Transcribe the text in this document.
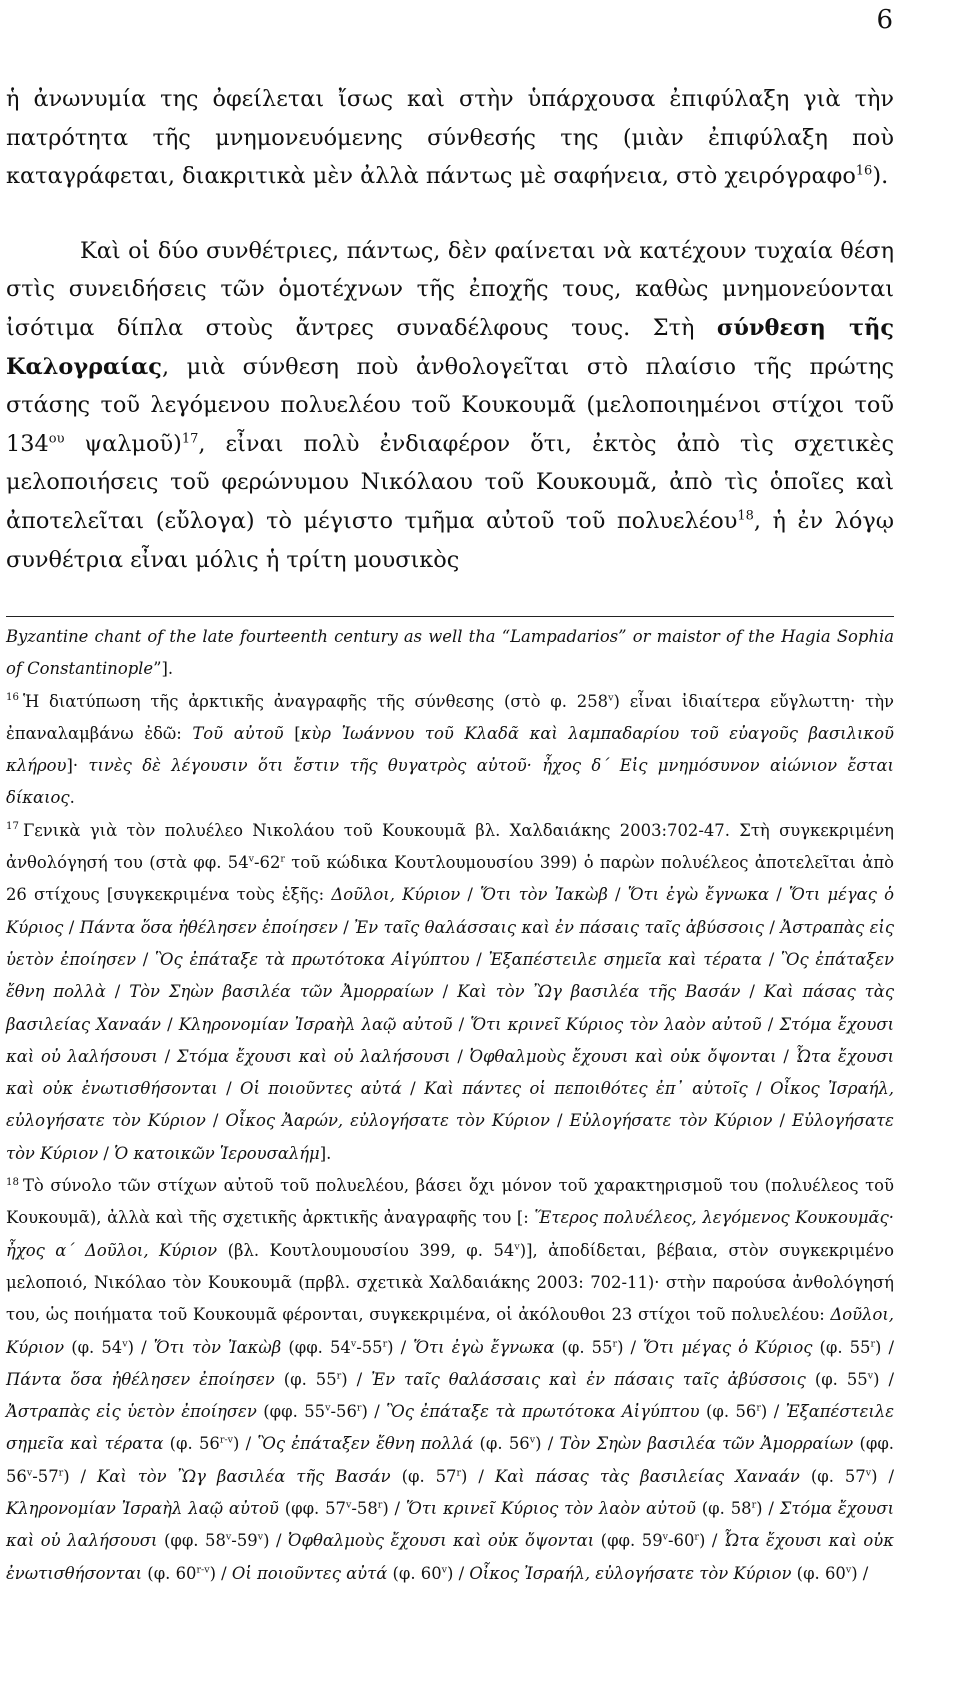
6

ἡ ἀνωνυμία της ὀφείλεται ἴσως καὶ στὴν ὑπάρχουσα ἐπιφύλαξη γιὰ τὴν πατρότητα τῆς μνημονευόμενης σύνθεσής της (μιὰν ἐπιφύλαξη ποὺ καταγράφεται, διακριτικὰ μὲν ἀλλὰ πάντως μὲ σαφήνεια, στὸ χειρόγραφο$^{16}$).

Καὶ οἱ δύο συνθέτριες, πάντως, δὲν φαίνεται νὰ κατέχουν τυχαία θέση στὶς συνειδήσεις τῶν ὁμοτέχνων τῆς ἐποχῆς τους, καθὼς μνημονεύονται ἰσότιμα δίπλα στοὺς ἄντρες συναδέλφους τους. Στὴ σύνθεση τῆς Καλογραίας, μιὰ σύνθεση ποὺ ἀνθολογεῖται στὸ πλαίσιο τῆς πρώτης στάσης τοῦ λεγόμενου πολυελέου τοῦ Κουκουμᾶ (μελοποιημένοι στίχοι τοῦ $134^{o\upsilon}$ ψαλμοῦ)$^{17}$, εἶναι πολὺ ἐνδιαφέρον ὅτι, ἐκτὸς ἀπὸ τὶς σχετικὲς μελοποιήσεις τοῦ φερώνυμου Νικόλαου τοῦ Κουκουμᾶ, ἀπὸ τὶς ὁποῖες καὶ ἀποτελεῖται (εὔλογα) τὸ μέγιστο τμῆμα αὐτοῦ τοῦ πολυελέου$^{18}$, ἡ ἐν λόγῳ συνθέτρια εἶναι μόλις ἡ τρίτη μουσικὸς

Byzantine chant of the late fourteenth century as well tha “Lampadarios” or maistor of the Hagia Sophia of Constantinople”].

$^{16}$ Ἡ διατύπωση τῆς ἀρκτικῆς ἀναγραφῆς τῆς σύνθεσης (στὸ φ. 258$^v$) εἶναι ἰδιαίτερα εὔγλωττη· τὴν ἐπαναλαμβάνω ἐδῶ: Τοῦ αὐτοῦ [κὺρ Ἰωάννου τοῦ Κλαδᾶ καὶ λαμπαδαρίου τοῦ εὐαγοῦς βασιλικοῦ κλήρου]· τινὲς δὲ λέγουσιν ὅτι ἔστιν τῆς θυγατρὸς αὐτοῦ· ἦχος δ΄ Εἰς μνημόσυνον αἰώνιον ἔσται δίκαιος.

$^{17}$ Γενικὰ γιὰ τὸν πολυέλεο Νικολάου τοῦ Κουκουμᾶ βλ. Χαλδαιάκης 2003:702-47. Στὴ συγκεκριμένη ἀνθολόγησή του (στὰ φφ. 54$^v$-62$^r$ τοῦ κώδικα Κουτλουμουσίου 399) ὁ παρὼν πολυέλεος ἀποτελεῖται ἀπὸ 26 στίχους [συγκεκριμένα τοὺς ἑξῆς: Δοῦλοι, Κύριον / Ὅτι τὸν Ἰακὼβ / Ὅτι ἐγὼ ἔγνωκα / Ὅτι μέγας ὁ Κύριος / Πάντα ὅσα ἠθέλησεν ἐποίησεν / Ἐν ταῖς θαλάσσαις καὶ ἐν πάσαις ταῖς ἀβύσσοις / Ἀστραπὰς εἰς ὑετὸν ἐποίησεν / Ὃς ἐπάταξε τὰ πρωτότοκα Αἰγύπτου / Ἐξαπέστειλε σημεῖα καὶ τέρατα / Ὃς ἐπάταξεν ἔθνη πολλὰ / Τὸν Σηὼν βασιλέα τῶν Ἀμορραίων / Καὶ τὸν Ὢγ βασιλέα τῆς Βασάν / Καὶ πάσας τὰς βασιλείας Χαναάν / Κληρονομίαν Ἰσραὴλ λαῷ αὐτοῦ / Ὅτι κρινεῖ Κύριος τὸν λαὸν αὐτοῦ / Στόμα ἔχουσι καὶ οὐ λαλήσουσι / Στόμα ἔχουσι καὶ οὐ λαλήσουσι / Ὀφθαλμοὺς ἔχουσι καὶ οὐκ ὄψονται / Ὦτα ἔχουσι καὶ οὐκ ἐνωτισθήσονται / Οἱ ποιοῦντες αὐτά / Καὶ πάντες οἱ πεποιθότες ἐπ᾽ αὐτοῖς / Οἶκος Ἰσραήλ, εὐλογήσατε τὸν Κύριον / Οἶκος Ἀαρών, εὐλογήσατε τὸν Κύριον / Εὐλογήσατε τὸν Κύριον / Εὐλογήσατε τὸν Κύριον / Ὁ κατοικῶν Ἱερουσαλήμ].

$^{18}$ Τὸ σύνολο τῶν στίχων αὐτοῦ τοῦ πολυελέου, βάσει ὄχι μόνον τοῦ χαρακτηρισμοῦ του (πολυέλεος τοῦ Κουκουμᾶ), ἀλλὰ καὶ τῆς σχετικῆς ἀρκτικῆς ἀναγραφῆς του [: Ἕτερος πολυέλεος, λεγόμενος Κουκουμᾶς· ἦχος α΄ Δοῦλοι, Κύριον (βλ. Κουτλουμουσίου 399, φ. 54$^v$)], ἀποδίδεται, βέβαια, στὸν συγκεκριμένο μελοποιό, Νικόλαο τὸν Κουκουμᾶ (πρβλ. σχετικὰ Χαλδαιάκης 2003: 702-11)· στὴν παρούσα ἀνθολόγησή του, ὡς ποιήματα τοῦ Κουκουμᾶ φέρονται, συγκεκριμένα, οἱ ἀκόλουθοι 23 στίχοι τοῦ πολυελέου: Δοῦλοι, Κύριον (φ. 54$^v$) / Ὅτι τὸν Ἰακὼβ (φφ. 54$^v$-55$^r$) / Ὅτι ἐγὼ ἔγνωκα (φ. 55$^r$) / Ὅτι μέγας ὁ Κύριος (φ. 55$^r$) / Πάντα ὅσα ἠθέλησεν ἐποίησεν (φ. 55$^r$) / Ἐν ταῖς θαλάσσαις καὶ ἐν πάσαις ταῖς ἀβύσσοις (φ. 55$^v$) / Ἀστραπὰς εἰς ὑετὸν ἐποίησεν (φφ. 55$^v$-56$^r$) / Ὃς ἐπάταξε τὰ πρωτότοκα Αἰγύπτου (φ. 56$^r$) / Ἐξαπέστειλε σημεῖα καὶ τέρατα (φ. 56$^{r-v}$) / Ὃς ἐπάταξεν ἔθνη πολλά (φ. 56$^v$) / Τὸν Σηὼν βασιλέα τῶν Ἀμορραίων (φφ. 56$^v$-57$^r$) / Καὶ τὸν Ὢγ βασιλέα τῆς Βασάν (φ. 57$^r$) / Καὶ πάσας τὰς βασιλείας Χαναάν (φ. 57$^v$) / Κληρονομίαν Ἰσραὴλ λαῷ αὐτοῦ (φφ. 57$^v$-58$^r$) / Ὅτι κρινεῖ Κύριος τὸν λαὸν αὐτοῦ (φ. 58$^r$) / Στόμα ἔχουσι καὶ οὐ λαλήσουσι (φφ. 58$^v$-59$^v$) / Ὀφθαλμοὺς ἔχουσι καὶ οὐκ ὄψονται (φφ. 59$^v$-60$^r$) / Ὦτα ἔχουσι καὶ οὐκ ἐνωτισθήσονται (φ. 60$^{r-v}$) / Οἱ ποιοῦντες αὐτά (φ. 60$^v$) / Οἶκος Ἰσραήλ, εὐλογήσατε τὸν Κύριον (φ. 60$^v$) /
